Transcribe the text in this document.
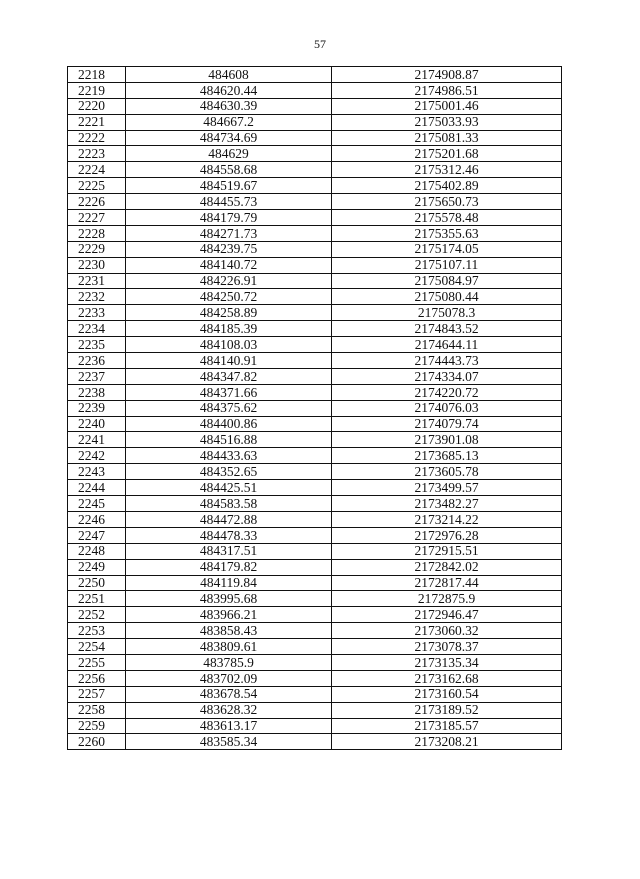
57
2218	484608	2174908.87
2219	484620.44	2174986.51
2220	484630.39	2175001.46
2221	484667.2	2175033.93
2222	484734.69	2175081.33
2223	484629	2175201.68
2224	484558.68	2175312.46
2225	484519.67	2175402.89
2226	484455.73	2175650.73
2227	484179.79	2175578.48
2228	484271.73	2175355.63
2229	484239.75	2175174.05
2230	484140.72	2175107.11
2231	484226.91	2175084.97
2232	484250.72	2175080.44
2233	484258.89	2175078.3
2234	484185.39	2174843.52
2235	484108.03	2174644.11
2236	484140.91	2174443.73
2237	484347.82	2174334.07
2238	484371.66	2174220.72
2239	484375.62	2174076.03
2240	484400.86	2174079.74
2241	484516.88	2173901.08
2242	484433.63	2173685.13
2243	484352.65	2173605.78
2244	484425.51	2173499.57
2245	484583.58	2173482.27
2246	484472.88	2173214.22
2247	484478.33	2172976.28
2248	484317.51	2172915.51
2249	484179.82	2172842.02
2250	484119.84	2172817.44
2251	483995.68	2172875.9
2252	483966.21	2172946.47
2253	483858.43	2173060.32
2254	483809.61	2173078.37
2255	483785.9	2173135.34
2256	483702.09	2173162.68
2257	483678.54	2173160.54
2258	483628.32	2173189.52
2259	483613.17	2173185.57
2260	483585.34	2173208.21
